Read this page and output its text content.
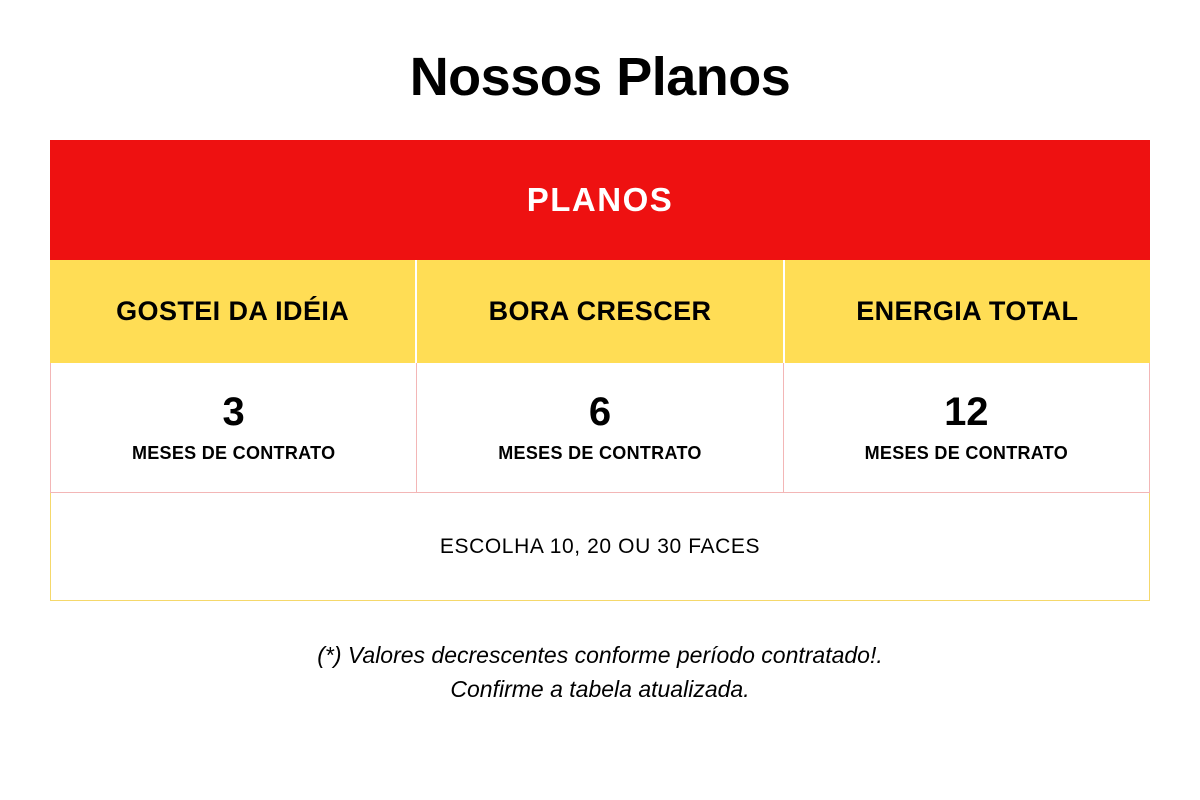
Nossos Planos
PLANOS
GOSTEI DA IDÉIA	BORA CRESCER	ENERGIA TOTAL
3
MESES DE CONTRATO
6
MESES DE CONTRATO
12
MESES DE CONTRATO
ESCOLHA 10, 20 OU 30 FACES
(*) Valores decrescentes conforme período contratado!.
Confirme a tabela atualizada.
